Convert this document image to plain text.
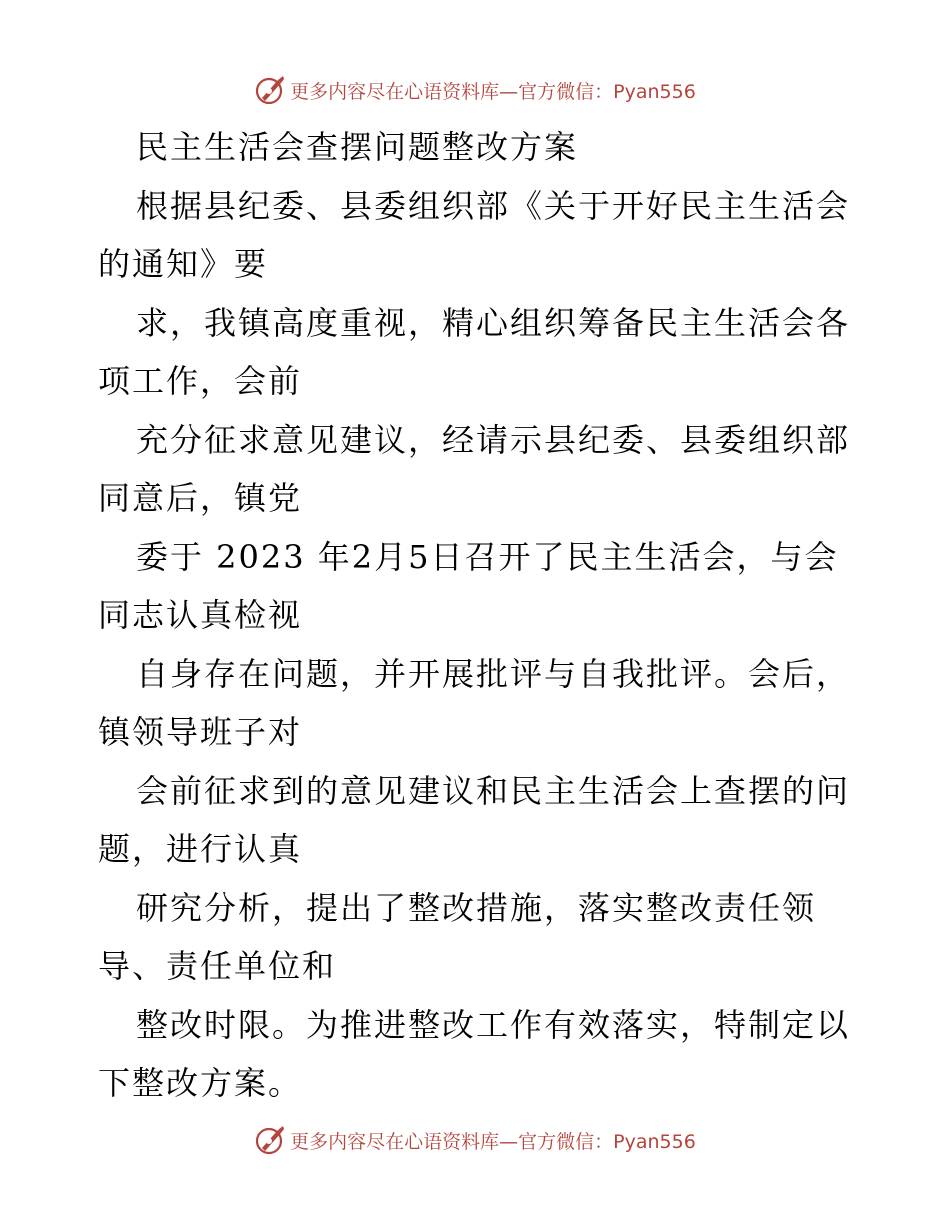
更多内容尽在心语资料库—官方微信：Pyan556
民主生活会查摆问题整改方案
根据县纪委、县委组织部《关于开好民主生活会
的通知》要
求，我镇高度重视，精心组织筹备民主生活会各
项工作，会前
充分征求意见建议，经请示县纪委、县委组织部
同意后，镇党
委于 2023 年2月5日召开了民主生活会，与会
同志认真检视
自身存在问题，并开展批评与自我批评。会后，
镇领导班子对
会前征求到的意见建议和民主生活会上查摆的问
题，进行认真
研究分析，提出了整改措施，落实整改责任领
导、责任单位和
整改时限。为推进整改工作有效落实，特制定以
下整改方案。
更多内容尽在心语资料库—官方微信：Pyan556
